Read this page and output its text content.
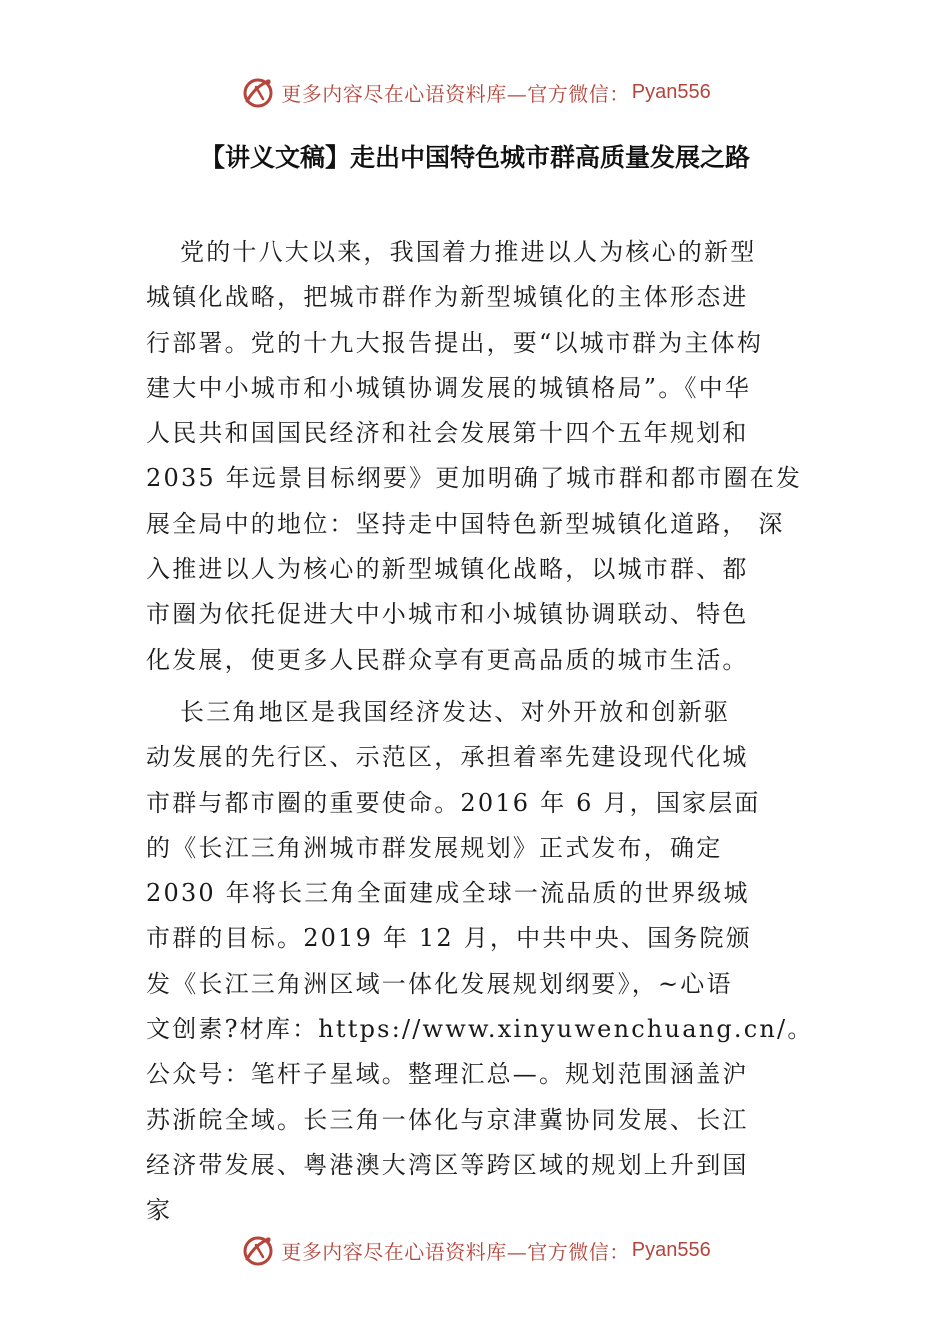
更多内容尽在心语资料库—官方微信： Pyan556
【讲义文稿】走出中国特色城市群高质量发展之路

党的十八大以来，我国着力推进以人为核心的新型
城镇化战略，把城市群作为新型城镇化的主体形态进
行部署。党的十九大报告提出，要“以城市群为主体构
建大中小城市和小城镇协调发展的城镇格局”。《中华
人民共和国国民经济和社会发展第十四个五年规划和
2035 年远景目标纲要》更加明确了城市群和都市圈在发
展全局中的地位：坚持走中国特色新型城镇化道路， 深
入推进以人为核心的新型城镇化战略，以城市群、都
市圈为依托促进大中小城市和小城镇协调联动、特色
化发展，使更多人民群众享有更高品质的城市生活。

长三角地区是我国经济发达、对外开放和创新驱
动发展的先行区、示范区，承担着率先建设现代化城
市群与都市圈的重要使命。2016 年 6 月，国家层面
的《长江三角洲城市群发展规划》正式发布，确定
2030 年将长三角全面建成全球一流品质的世界级城
市群的目标。2019 年 12 月，中共中央、国务院颁
发《长江三角洲区域一体化发展规划纲要》，~心语
文创素?材库：https://www.xinyuwenchuang.cn/。
公众号：笔杆子星域。整理汇总—。规划范围涵盖沪
苏浙皖全域。长三角一体化与京津冀协同发展、长江
经济带发展、粤港澳大湾区等跨区域的规划上升到国
家

更多内容尽在心语资料库—官方微信： Pyan556
